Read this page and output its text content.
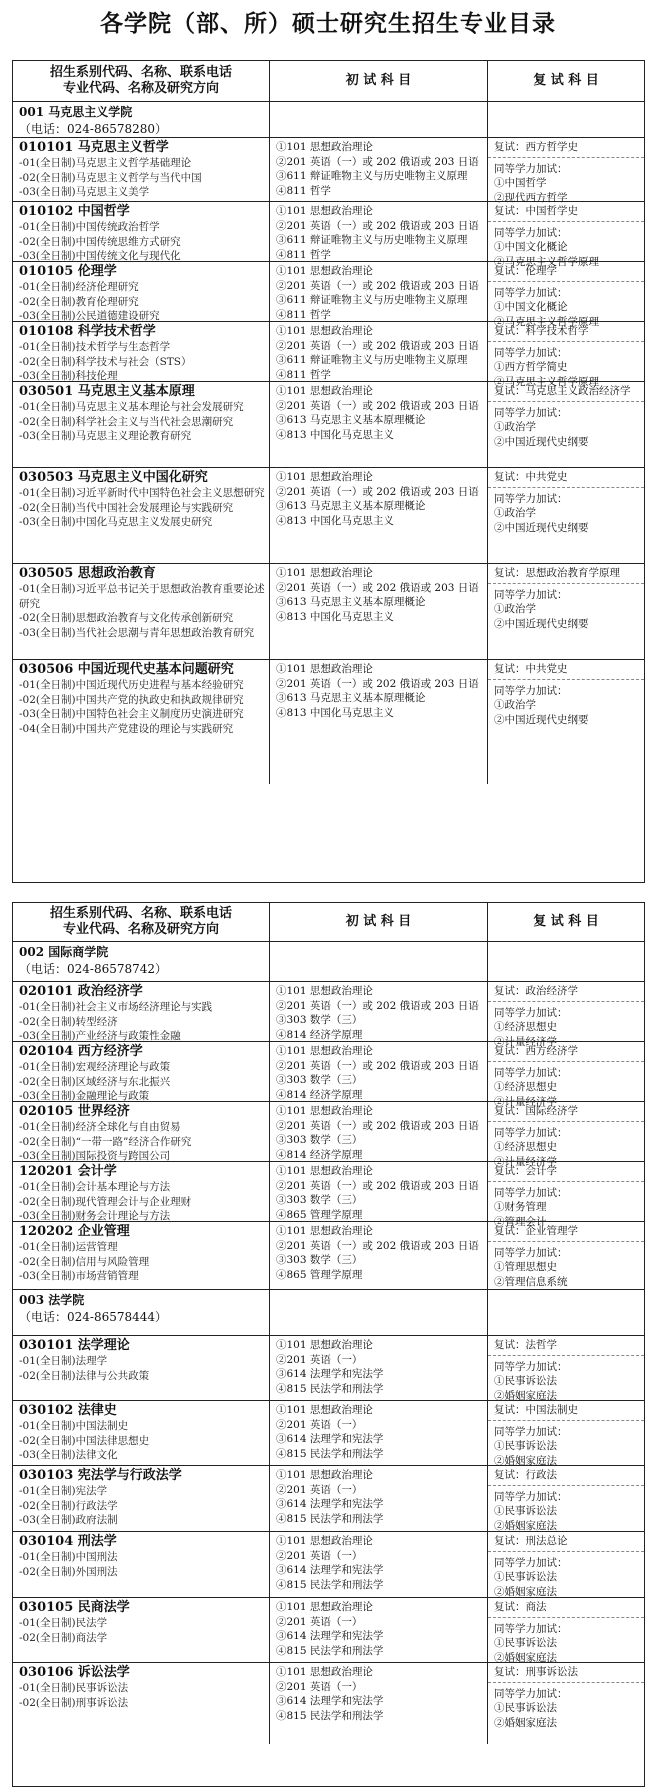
各学院（部、所）硕士研究生招生专业目录
招生系别代码、名称、联系电话
专业代码、名称及研究方向
初 试 科 目	复 试 科 目
001 马克思主义学院
（电话：024-86578280）
010101 马克思主义哲学
-01(全日制)马克思主义哲学基础理论
-02(全日制)马克思主义哲学与当代中国
-03(全日制)马克思主义美学
①101 思想政治理论
②201 英语（一）或 202 俄语或 203 日语
③611 辩证唯物主义与历史唯物主义原理
④811 哲学
复试：西方哲学史
同等学力加试：
①中国哲学
②现代西方哲学
010102 中国哲学
-01(全日制)中国传统政治哲学
-02(全日制)中国传统思维方式研究
-03(全日制)中国传统文化与现代化
①101 思想政治理论
②201 英语（一）或 202 俄语或 203 日语
③611 辩证唯物主义与历史唯物主义原理
④811 哲学
复试：中国哲学史
同等学力加试：
①中国文化概论
②马克思主义哲学原理
010105 伦理学
-01(全日制)经济伦理研究
-02(全日制)教育伦理研究
-03(全日制)公民道德建设研究
①101 思想政治理论
②201 英语（一）或 202 俄语或 203 日语
③611 辩证唯物主义与历史唯物主义原理
④811 哲学
复试：伦理学
同等学力加试：
①中国文化概论
②马克思主义哲学原理
010108 科学技术哲学
-01(全日制)技术哲学与生态哲学
-02(全日制)科学技术与社会（STS）
-03(全日制)科技伦理
①101 思想政治理论
②201 英语（一）或 202 俄语或 203 日语
③611 辩证唯物主义与历史唯物主义原理
④811 哲学
复试：科学技术哲学
同等学力加试：
①西方哲学简史
②马克思主义哲学原理
030501 马克思主义基本原理
-01(全日制)马克思主义基本理论与社会发展研究
-02(全日制)科学社会主义与当代社会思潮研究
-03(全日制)马克思主义理论教育研究
①101 思想政治理论
②201 英语（一）或 202 俄语或 203 日语
③613 马克思主义基本原理概论
④813 中国化马克思主义
复试：马克思主义政治经济学
同等学力加试：
①政治学
②中国近现代史纲要
030503 马克思主义中国化研究
-01(全日制)习近平新时代中国特色社会主义思想研究
-02(全日制)当代中国社会发展理论与实践研究
-03(全日制)中国化马克思主义发展史研究
①101 思想政治理论
②201 英语（一）或 202 俄语或 203 日语
③613 马克思主义基本原理概论
④813 中国化马克思主义
复试：中共党史
同等学力加试：
①政治学
②中国近现代史纲要
030505 思想政治教育
-01(全日制)习近平总书记关于思想政治教育重要论述研究
-02(全日制)思想政治教育与文化传承创新研究
-03(全日制)当代社会思潮与青年思想政治教育研究
①101 思想政治理论
②201 英语（一）或 202 俄语或 203 日语
③613 马克思主义基本原理概论
④813 中国化马克思主义
复试：思想政治教育学原理
同等学力加试：
①政治学
②中国近现代史纲要
030506 中国近现代史基本问题研究
-01(全日制)中国近现代历史进程与基本经验研究
-02(全日制)中国共产党的执政史和执政规律研究
-03(全日制)中国特色社会主义制度历史演进研究
-04(全日制)中国共产党建设的理论与实践研究
①101 思想政治理论
②201 英语（一）或 202 俄语或 203 日语
③613 马克思主义基本原理概论
④813 中国化马克思主义
复试：中共党史
同等学力加试：
①政治学
②中国近现代史纲要
招生系别代码、名称、联系电话
专业代码、名称及研究方向
初 试 科 目	复 试 科 目
002 国际商学院
（电话：024-86578742）
020101 政治经济学
-01(全日制)社会主义市场经济理论与实践
-02(全日制)转型经济
-03(全日制)产业经济与政策性金融
①101 思想政治理论
②201 英语（一）或 202 俄语或 203 日语
③303 数学（三）
④814 经济学原理
复试：政治经济学
同等学力加试：
①经济思想史
②计量经济学
020104 西方经济学
-01(全日制)宏观经济理论与政策
-02(全日制)区域经济与东北振兴
-03(全日制)金融理论与政策
①101 思想政治理论
②201 英语（一）或 202 俄语或 203 日语
③303 数学（三）
④814 经济学原理
复试：西方经济学
同等学力加试：
①经济思想史
②计量经济学
020105 世界经济
-01(全日制)经济全球化与自由贸易
-02(全日制)“一带一路”经济合作研究
-03(全日制)国际投资与跨国公司
①101 思想政治理论
②201 英语（一）或 202 俄语或 203 日语
③303 数学（三）
④814 经济学原理
复试：国际经济学
同等学力加试：
①经济思想史
②计量经济学
120201 会计学
-01(全日制)会计基本理论与方法
-02(全日制)现代管理会计与企业理财
-03(全日制)财务会计理论与方法
①101 思想政治理论
②201 英语（一）或 202 俄语或 203 日语
③303 数学（三）
④865 管理学原理
复试：会计学
同等学力加试：
①财务管理
②管理会计
120202 企业管理
-01(全日制)运营管理
-02(全日制)信用与风险管理
-03(全日制)市场营销管理
①101 思想政治理论
②201 英语（一）或 202 俄语或 203 日语
③303 数学（三）
④865 管理学原理
复试：企业管理学
同等学力加试：
①管理思想史
②管理信息系统
003 法学院
（电话：024-86578444）
030101 法学理论
-01(全日制)法理学
-02(全日制)法律与公共政策
①101 思想政治理论
②201 英语（一）
③614 法理学和宪法学
④815 民法学和刑法学
复试：法哲学
同等学力加试：
①民事诉讼法
②婚姻家庭法
030102 法律史
-01(全日制)中国法制史
-02(全日制)中国法律思想史
-03(全日制)法律文化
①101 思想政治理论
②201 英语（一）
③614 法理学和宪法学
④815 民法学和刑法学
复试：中国法制史
同等学力加试：
①民事诉讼法
②婚姻家庭法
030103 宪法学与行政法学
-01(全日制)宪法学
-02(全日制)行政法学
-03(全日制)政府法制
①101 思想政治理论
②201 英语（一）
③614 法理学和宪法学
④815 民法学和刑法学
复试：行政法
同等学力加试：
①民事诉讼法
②婚姻家庭法
030104 刑法学
-01(全日制)中国刑法
-02(全日制)外国刑法
①101 思想政治理论
②201 英语（一）
③614 法理学和宪法学
④815 民法学和刑法学
复试：刑法总论
同等学力加试：
①民事诉讼法
②婚姻家庭法
030105 民商法学
-01(全日制)民法学
-02(全日制)商法学
①101 思想政治理论
②201 英语（一）
③614 法理学和宪法学
④815 民法学和刑法学
复试：商法
同等学力加试：
①民事诉讼法
②婚姻家庭法
030106 诉讼法学
-01(全日制)民事诉讼法
-02(全日制)刑事诉讼法
①101 思想政治理论
②201 英语（一）
③614 法理学和宪法学
④815 民法学和刑法学
复试：刑事诉讼法
同等学力加试：
①民事诉讼法
②婚姻家庭法
